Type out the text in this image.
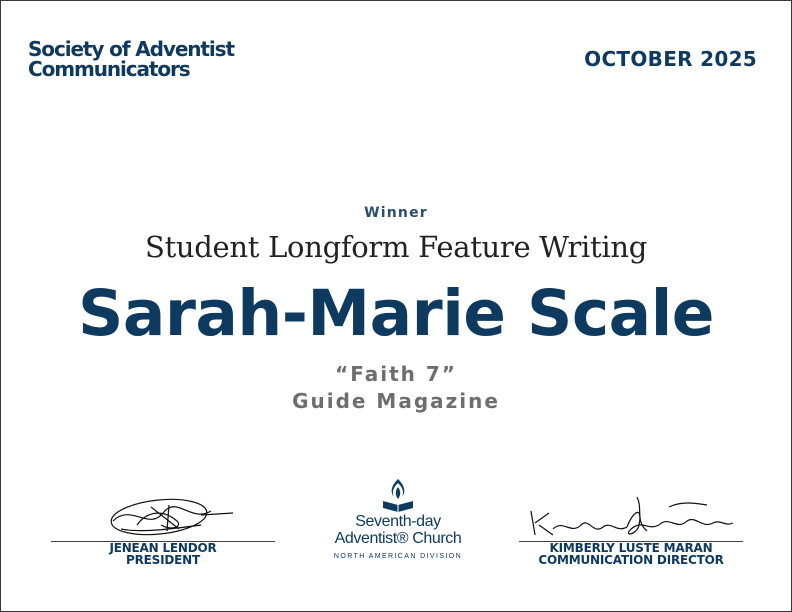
Society of Adventist
Communicators	OCTOBER 2025
Winner
Student Longform Feature Writing
Sarah-Marie Scale
“Faith 7”
Guide Magazine
JENEAN LENDOR
PRESIDENT
Seventh-day
Adventist® Church
NORTH AMERICAN DIVISION
KIMBERLY LUSTE MARAN
COMMUNICATION DIRECTOR
